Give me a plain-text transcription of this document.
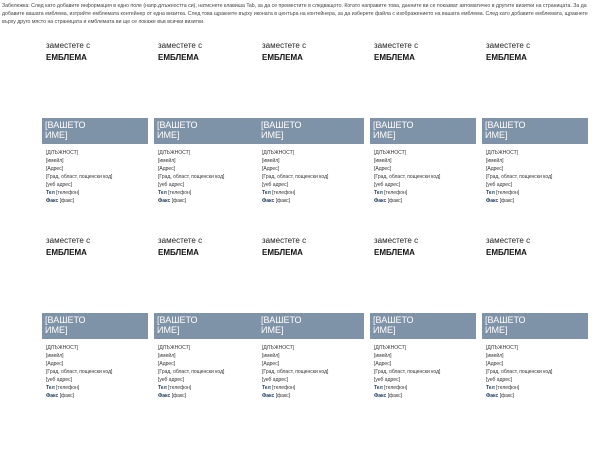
Забележка: След като добавите информация в едно поле (напр.длъжността си), натиснете клавиша Tab, за да се преместите в следващото. Когато направите това, данните ви се показват автоматично в другите визитки на страницата. За да добавите вашата емблема, изтрийте емблемата контейнер от една визитка. След това щракнете върху иконата в центъра на контейнера, за да изберете файла с изображението на вашата емблема. След като добавите емблемата, щракнете върху друго място на страницата и емблемата ви ще се покаже във всички визитки.

заместете с
ЕМБЛЕМА
[ВАШЕТО
ИМЕ]
[ДЛЪЖНОСТ]
[имейл]
[Адрес]
[Град, област, пощенски код]
[уеб адрес]
Тел [телефон]
Факс [факс]
заместете с
ЕМБЛЕМА
[ВАШЕТО
ИМЕ]
[ДЛЪЖНОСТ]
[имейл]
[Адрес]
[Град, област, пощенски код]
[уеб адрес]
Тел [телефон]
Факс [факс]
заместете с
ЕМБЛЕМА
[ВАШЕТО
ИМЕ]
[ДЛЪЖНОСТ]
[имейл]
[Адрес]
[Град, област, пощенски код]
[уеб адрес]
Тел [телефон]
Факс [факс]
заместете с
ЕМБЛЕМА
[ВАШЕТО
ИМЕ]
[ДЛЪЖНОСТ]
[имейл]
[Адрес]
[Град, област, пощенски код]
[уеб адрес]
Тел [телефон]
Факс [факс]
заместете с
ЕМБЛЕМА
[ВАШЕТО
ИМЕ]
[ДЛЪЖНОСТ]
[имейл]
[Адрес]
[Град, област, пощенски код]
[уеб адрес]
Тел [телефон]
Факс [факс]
заместете с
ЕМБЛЕМА
[ВАШЕТО
ИМЕ]
[ДЛЪЖНОСТ]
[имейл]
[Адрес]
[Град, област, пощенски код]
[уеб адрес]
Тел [телефон]
Факс [факс]
заместете с
ЕМБЛЕМА
[ВАШЕТО
ИМЕ]
[ДЛЪЖНОСТ]
[имейл]
[Адрес]
[Град, област, пощенски код]
[уеб адрес]
Тел [телефон]
Факс [факс]
заместете с
ЕМБЛЕМА
[ВАШЕТО
ИМЕ]
[ДЛЪЖНОСТ]
[имейл]
[Адрес]
[Град, област, пощенски код]
[уеб адрес]
Тел [телефон]
Факс [факс]
заместете с
ЕМБЛЕМА
[ВАШЕТО
ИМЕ]
[ДЛЪЖНОСТ]
[имейл]
[Адрес]
[Град, област, пощенски код]
[уеб адрес]
Тел [телефон]
Факс [факс]
заместете с
ЕМБЛЕМА
[ВАШЕТО
ИМЕ]
[ДЛЪЖНОСТ]
[имейл]
[Адрес]
[Град, област, пощенски код]
[уеб адрес]
Тел [телефон]
Факс [факс]
